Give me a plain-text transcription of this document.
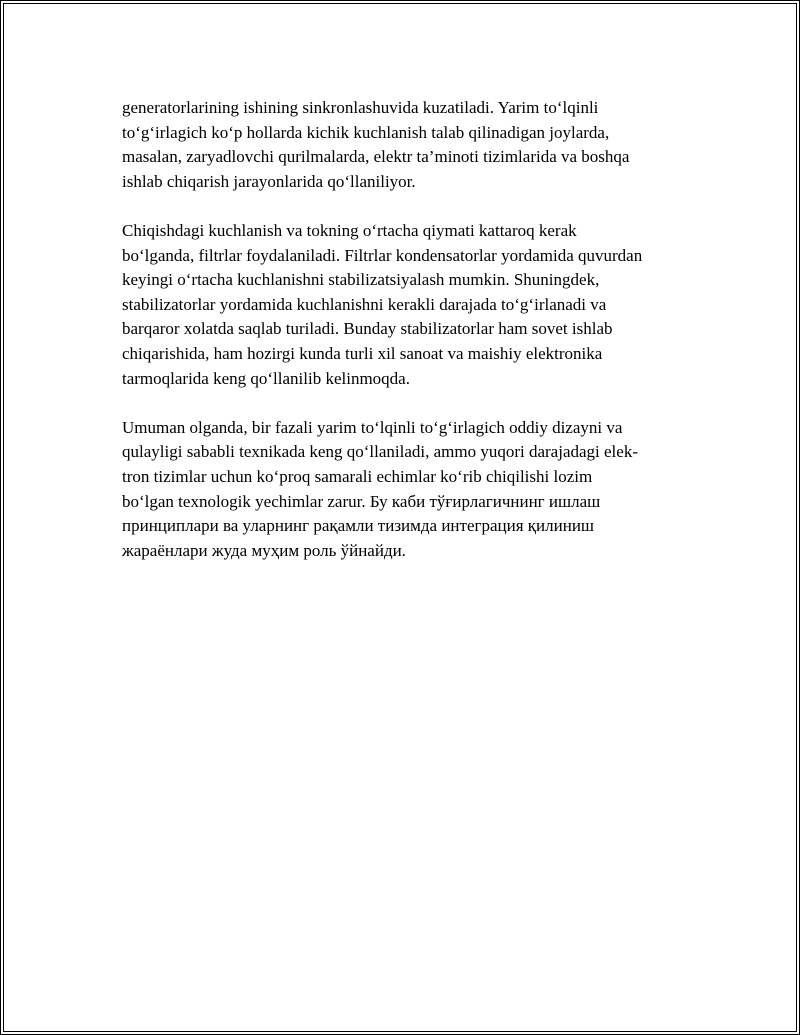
generatorlarining ishining sinkronlashuvida kuzatiladi. Yarim to‘lqinli
to‘g‘irlagich ko‘p hollarda kichik kuchlanish talab qilinadigan joylarda,
masalan, zaryadlovchi qurilmalarda, elektr ta’minoti tizimlarida va boshqa
ishlab chiqarish jarayonlarida qo‘llaniliyor.

Chiqishdagi kuchlanish va tokning o‘rtacha qiymati kattaroq kerak
bo‘lganda, filtrlar foydalaniladi. Filtrlar kondensatorlar yordamida quvurdan
keyingi o‘rtacha kuchlanishni stabilizatsiyalash mumkin. Shuningdek,
stabilizatorlar yordamida kuchlanishni kerakli darajada to‘g‘irlanadi va
barqaror xolatda saqlab turiladi. Bunday stabilizatorlar ham sovet ishlab
chiqarishida, ham hozirgi kunda turli xil sanoat va maishiy elektronika
tarmoqlarida keng qo‘llanilib kelinmoqda.

Umuman olganda, bir fazali yarim to‘lqinli to‘g‘irlagich oddiy dizayni va
qulayligi sababli texnikada keng qo‘llaniladi, ammo yuqori darajadagi elek-
tron tizimlar uchun ko‘proq samarali echimlar ko‘rib chiqilishi lozim
bo‘lgan texnologik yechimlar zarur. Бу каби тўғирлагичнинг ишлаш
принциплари ва уларнинг рақамли тизимда интеграция қилиниш
жараёнлари жуда муҳим роль ўйнайди.
